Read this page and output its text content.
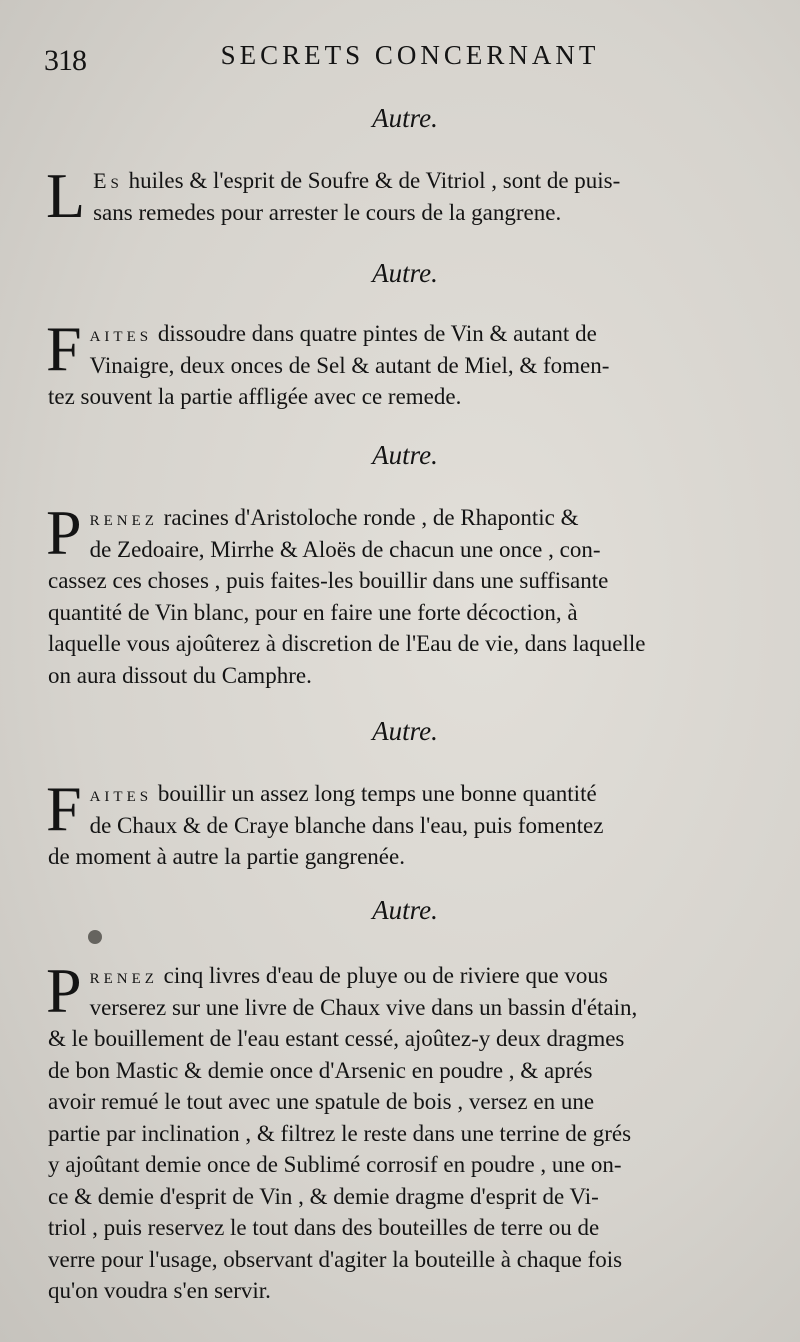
318	SECRETS CONCERNANT
Autre.
L Es huiles & l'esprit de Soufre & de Vitriol , sont de puis-
sans remedes pour arrester le cours de la gangrene.
Autre.
F aites dissoudre dans quatre pintes de Vin & autant de
Vinaigre, deux onces de Sel & autant de Miel, & fomen-
tez souvent la partie affligée avec ce remede.
Autre.
P renez racines d'Aristoloche ronde , de Rhapontic &
de Zedoaire, Mirrhe & Aloës de chacun une once , con-
cassez ces choses , puis faites-les bouillir dans une suffisante
quantité de Vin blanc, pour en faire une forte décoction, à
laquelle vous ajoûterez à discretion de l'Eau de vie, dans laquelle
on aura dissout du Camphre.
Autre.
F aites bouillir un assez long temps une bonne quantité
de Chaux & de Craye blanche dans l'eau, puis fomentez
de moment à autre la partie gangrenée.
Autre.
P renez cinq livres d'eau de pluye ou de riviere que vous
verserez sur une livre de Chaux vive dans un bassin d'étain,
& le bouillement de l'eau estant cessé, ajoûtez-y deux dragmes
de bon Mastic & demie once d'Arsenic en poudre , & aprés
avoir remué le tout avec une spatule de bois , versez en une
partie par inclination , & filtrez le reste dans une terrine de grés
y ajoûtant demie once de Sublimé corrosif en poudre , une on-
ce & demie d'esprit de Vin , & demie dragme d'esprit de Vi-
triol , puis reservez le tout dans des bouteilles de terre ou de
verre pour l'usage, observant d'agiter la bouteille à chaque fois
qu'on voudra s'en servir.
